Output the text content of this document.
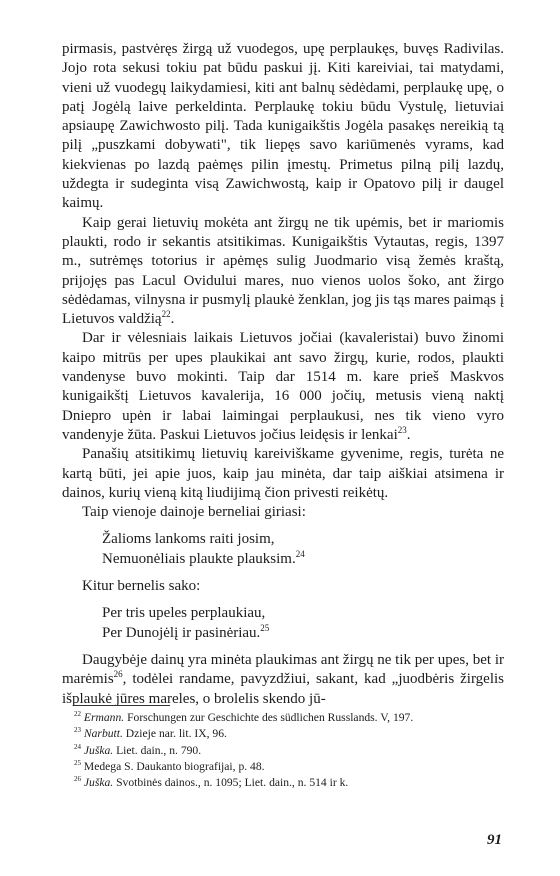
pirmasis, pastvėręs žirgą už vuodegos, upę perplaukęs, buvęs Radivilas. Jojo rota sekusi tokiu pat būdu paskui jį. Kiti kareiviai, tai matydami, vieni už vuodegų laikydamiesi, kiti ant balnų sėdėdami, perplaukę upę, o patį Jogėlą laive perkeldinta. Perplaukę tokiu būdu Vystulę, lietuviai apsiaupę Zawichwosto pilį. Tada kunigaikštis Jogėla pasakęs nereikią tą pilį „puszkami dobywati", tik liepęs savo kariūmenės vyrams, kad kiekvienas po lazdą paėmęs pilin įmestų. Primetus pilną pilį lazdų, uždegta ir sudeginta visą Zawichwostą, kaip ir Opatovo pilį ir daugel kaimų.

Kaip gerai lietuvių mokėta ant žirgų ne tik upėmis, bet ir mariomis plaukti, rodo ir sekantis atsitikimas. Kunigaikštis Vytautas, regis, 1397 m., sutrėmęs totorius ir apėmęs sulig Juodmario visą žemės kraštą, prijojęs pas Lacul Ovidului mares, nuo vienos uolos šoko, ant žirgo sėdėdamas, vilnysna ir pusmylį plaukė ženklan, jog jis tąs mares paimąs į Lietuvos valdžią$^{22}$.

Dar ir vėlesniais laikais Lietuvos jočiai (kavaleristai) buvo žinomi kaipo mitrūs per upes plaukikai ant savo žirgų, kurie, rodos, plaukti vandenyse buvo mokinti. Taip dar 1514 m. kare prieš Maskvos kunigaikštį Lietuvos kavalerija, 16 000 jočių, metusis vieną naktį Dniepro upėn ir labai laimingai perplaukusi, nes tik vieno vyro vandenyje žūta. Paskui Lietuvos jočius leidęsis ir lenkai$^{23}$.

Panašių atsitikimų lietuvių kareiviškame gyvenime, regis, turėta ne kartą būti, jei apie juos, kaip jau minėta, dar taip aiškiai atsimena ir dainos, kurių vieną kitą liudijimą čion privesti reikėtų.

Taip vienoje dainoje berneliai giriasi:

Žalioms lankoms raiti josim,
Nemuonėliais plaukte plauksim.$^{24}$

Kitur bernelis sako:

Per tris upeles perplaukiau,
Per Dunojėlį ir pasinėriau.$^{25}$

Daugybėje dainų yra minėta plaukimas ant žirgų ne tik per upes, bet ir marėmis$^{26}$, todėlei randame, pavyzdžiui, sakant, kad „juodbėris žirgelis išplaukė jūres mareles, o brolelis skendo jū-

$^{22}$ Ermann. Forschungen zur Geschichte des südlichen Russlands. V, 197.
$^{23}$ Narbutt. Dzieje nar. lit. IX, 96.
$^{24}$ Juška. Liet. dain., n. 790.
$^{25}$ Medega S. Daukanto biografijai, p. 48.
$^{26}$ Juška. Svotbinės dainos., n. 1095; Liet. dain., n. 514 ir k.
91
